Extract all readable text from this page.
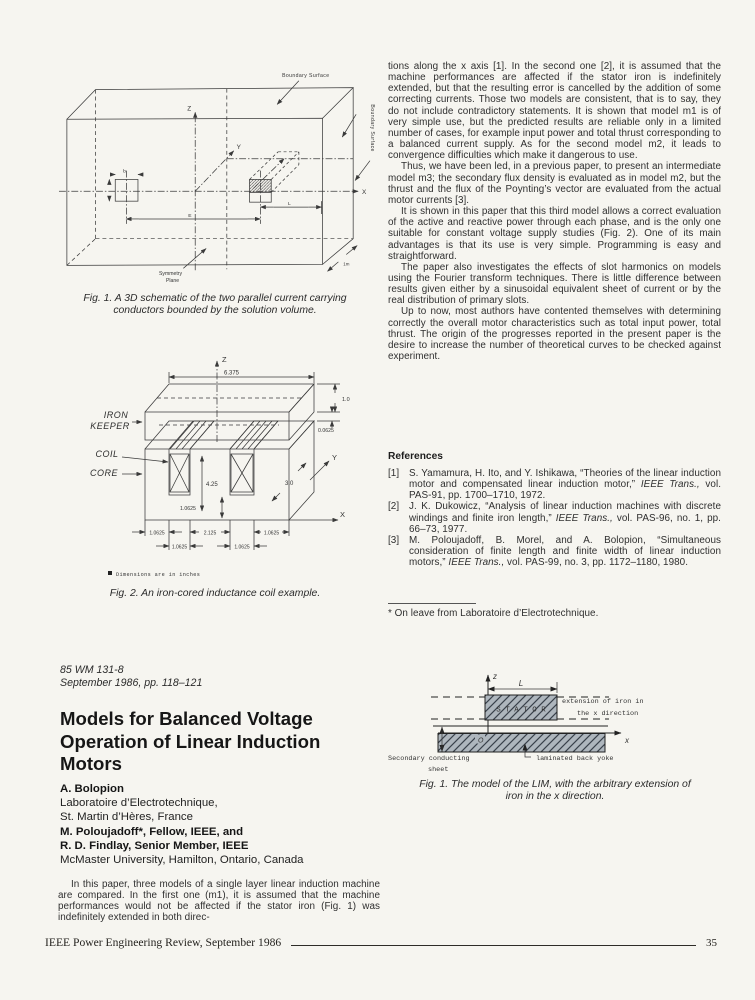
X
Z
Y
b
L
E
Boundary Surface
Boundary Surface
Symmetry
Plane
1m
Fig. 1. A 3D schematic of the two parallel current carrying
conductors bounded by the solution volume.
Z
6.375
1.0
0.0625
4.25
1.0625
3.0
Y
X
IRON
KEEPER
COIL
CORE
1.0625	2.125	1.0625
1.0625	1.0625
Dimensions are in inches
Fig. 2. An iron-cored inductance coil example.
85 WM 131-8
September 1986, pp. 118–121
Models for Balanced Voltage
Operation of Linear Induction
Motors
A. Bolopion
Laboratoire d’Electrotechnique,
St. Martin d’Hères, France
M. Poloujadoff*, Fellow, IEEE, and
R. D. Findlay, Senior Member, IEEE
McMaster University, Hamilton, Ontario, Canada

In this paper, three models of a single layer linear induction machine are compared. In the first one (m1), it is assumed that the machine performances would not be affected if the stator iron (Fig. 1) was indefinitely extended in both direc-

tions along the x axis [1]. In the second one [2], it is assumed that the machine performances are affected if the stator iron is indefinitely extended, but that the resulting error is cancelled by the addition of some correcting currents. Those two models are consistent, that is to say, they do not include contradictory statements. It is shown that model m1 is of very simple use, but the predicted results are reliable only in a limited number of cases, for example input power and total thrust corresponding to a balanced current supply. As for the second model m2, it leads to convergence difficulties which make it dangerous to use.

Thus, we have been led, in a previous paper, to present an intermediate model m3; the secondary flux density is evaluated as in model m2, but the thrust and the flux of the Poynting’s vector are evaluated from the actual motor currents [3].

It is shown in this paper that this third model allows a correct evaluation of the active and reactive power through each phase, and is the only one suitable for constant voltage supply studies (Fig. 2). One of its main advantages is that its use is very simple. Programming is easy and straightforward.

The paper also investigates the effects of slot harmonics on models using the Fourier transform techniques. There is little difference between results given either by a sinusoidal equivalent sheet of current or by the real distribution of primary slots.

Up to now, most authors have contented themselves with determining correctly the overall motor characteristics such as total input power, total thrust. The origin of the progresses reported in the present paper is the desire to increase the number of theoretical curves to be checked against experiment.

References
[1] S. Yamamura, H. Ito, and Y. Ishikawa, “Theories of the linear induction motor and compensated linear induction motor,” IEEE Trans., vol. PAS-91, pp. 1700–1710, 1972.
[2] J. K. Dukowicz, “Analysis of linear induction machines with discrete windings and finite iron length,” IEEE Trans., vol. PAS-96, no. 1, pp. 66–73, 1977.
[3] M. Poloujadoff, B. Morel, and A. Bolopion, “Simultaneous consideration of finite length and finite width of linear induction motors,” IEEE Trans., vol. PAS-99, no. 3, pp. 1172–1180, 1980.
* On leave from Laboratoire d’Electrotechnique.
z
L
S T A T O R
extension of iron in
the x direction
x
O
Secondary conducting
sheet
laminated back yoke
Fig. 1. The model of the LIM, with the arbitrary extension of
iron in the x direction.
IEEE Power Engineering Review, September 1986	35
